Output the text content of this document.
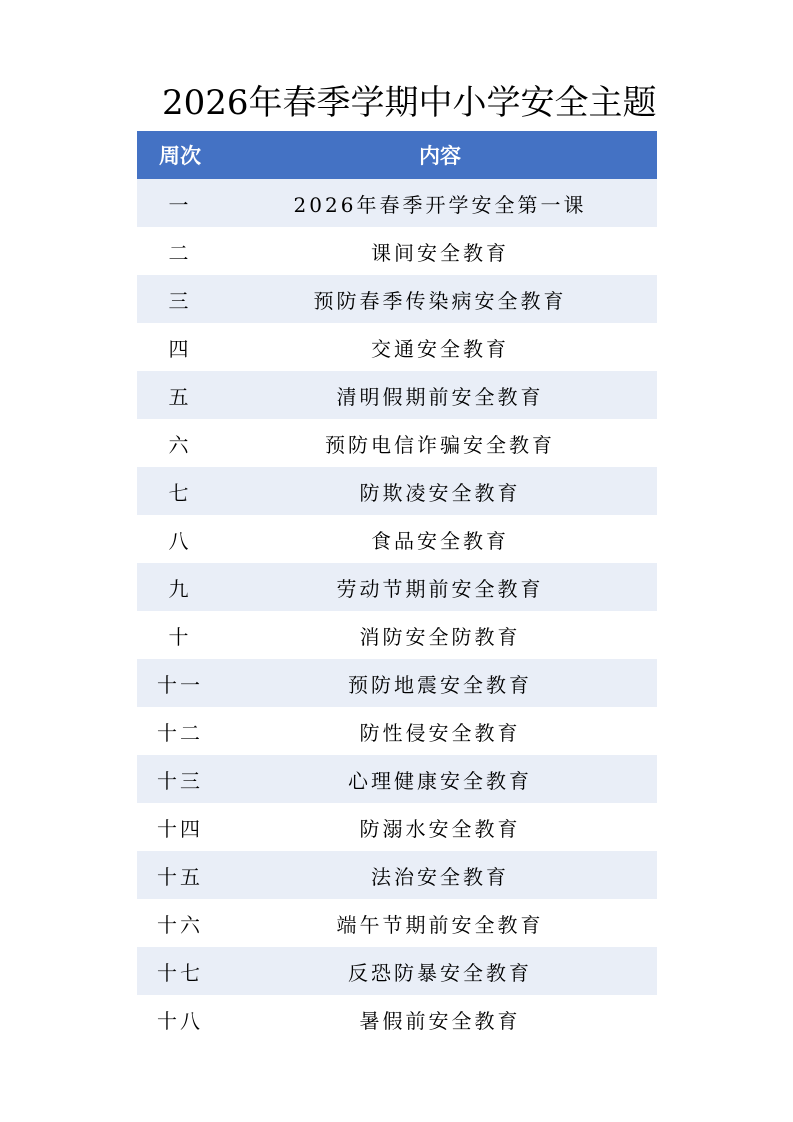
2026年春季学期中小学安全主题
周次	内容
一	2026年春季开学安全第一课
二	课间安全教育
三	预防春季传染病安全教育
四	交通安全教育
五	清明假期前安全教育
六	预防电信诈骗安全教育
七	防欺凌安全教育
八	食品安全教育
九	劳动节期前安全教育
十	消防安全防教育
十一	预防地震安全教育
十二	防性侵安全教育
十三	心理健康安全教育
十四	防溺水安全教育
十五	法治安全教育
十六	端午节期前安全教育
十七	反恐防暴安全教育
十八	暑假前安全教育
